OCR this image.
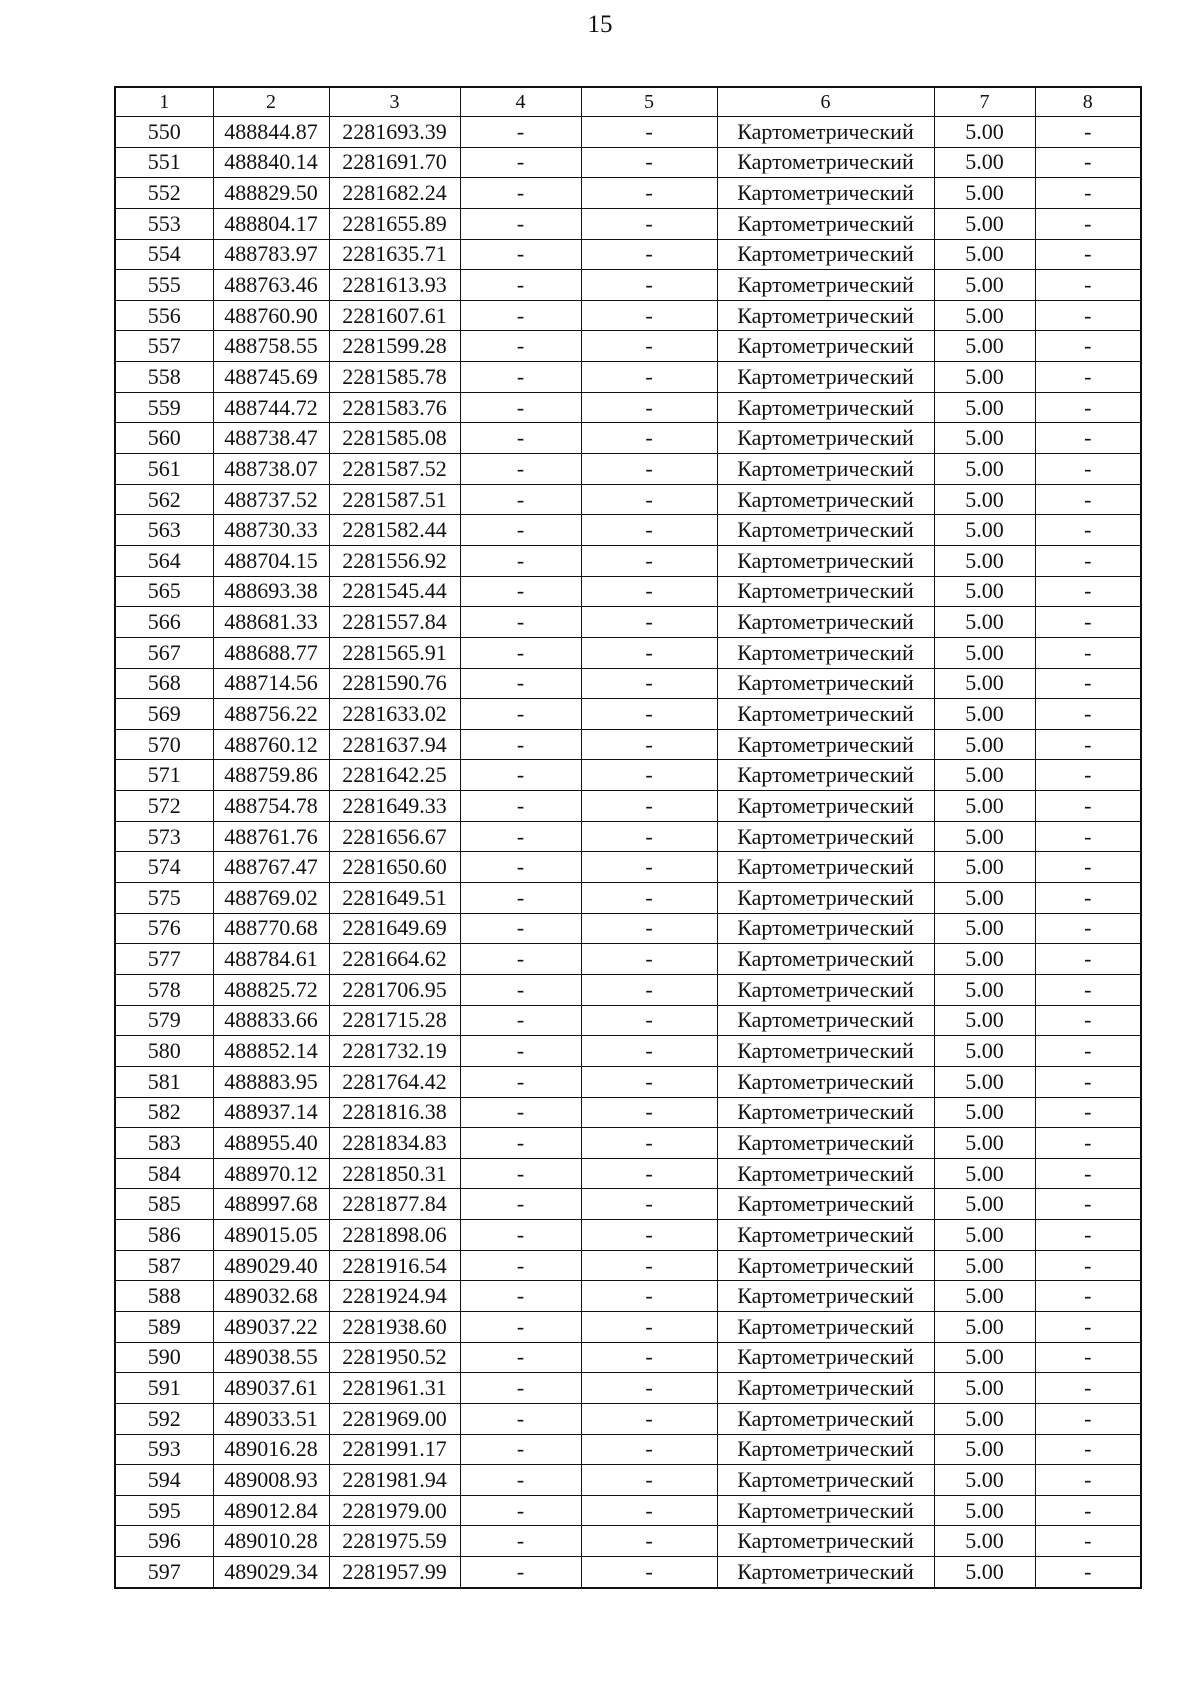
15
1	2	3	4	5	6	7	8
550	488844.87	2281693.39	-	-	Картометрический	5.00	-
551	488840.14	2281691.70	-	-	Картометрический	5.00	-
552	488829.50	2281682.24	-	-	Картометрический	5.00	-
553	488804.17	2281655.89	-	-	Картометрический	5.00	-
554	488783.97	2281635.71	-	-	Картометрический	5.00	-
555	488763.46	2281613.93	-	-	Картометрический	5.00	-
556	488760.90	2281607.61	-	-	Картометрический	5.00	-
557	488758.55	2281599.28	-	-	Картометрический	5.00	-
558	488745.69	2281585.78	-	-	Картометрический	5.00	-
559	488744.72	2281583.76	-	-	Картометрический	5.00	-
560	488738.47	2281585.08	-	-	Картометрический	5.00	-
561	488738.07	2281587.52	-	-	Картометрический	5.00	-
562	488737.52	2281587.51	-	-	Картометрический	5.00	-
563	488730.33	2281582.44	-	-	Картометрический	5.00	-
564	488704.15	2281556.92	-	-	Картометрический	5.00	-
565	488693.38	2281545.44	-	-	Картометрический	5.00	-
566	488681.33	2281557.84	-	-	Картометрический	5.00	-
567	488688.77	2281565.91	-	-	Картометрический	5.00	-
568	488714.56	2281590.76	-	-	Картометрический	5.00	-
569	488756.22	2281633.02	-	-	Картометрический	5.00	-
570	488760.12	2281637.94	-	-	Картометрический	5.00	-
571	488759.86	2281642.25	-	-	Картометрический	5.00	-
572	488754.78	2281649.33	-	-	Картометрический	5.00	-
573	488761.76	2281656.67	-	-	Картометрический	5.00	-
574	488767.47	2281650.60	-	-	Картометрический	5.00	-
575	488769.02	2281649.51	-	-	Картометрический	5.00	-
576	488770.68	2281649.69	-	-	Картометрический	5.00	-
577	488784.61	2281664.62	-	-	Картометрический	5.00	-
578	488825.72	2281706.95	-	-	Картометрический	5.00	-
579	488833.66	2281715.28	-	-	Картометрический	5.00	-
580	488852.14	2281732.19	-	-	Картометрический	5.00	-
581	488883.95	2281764.42	-	-	Картометрический	5.00	-
582	488937.14	2281816.38	-	-	Картометрический	5.00	-
583	488955.40	2281834.83	-	-	Картометрический	5.00	-
584	488970.12	2281850.31	-	-	Картометрический	5.00	-
585	488997.68	2281877.84	-	-	Картометрический	5.00	-
586	489015.05	2281898.06	-	-	Картометрический	5.00	-
587	489029.40	2281916.54	-	-	Картометрический	5.00	-
588	489032.68	2281924.94	-	-	Картометрический	5.00	-
589	489037.22	2281938.60	-	-	Картометрический	5.00	-
590	489038.55	2281950.52	-	-	Картометрический	5.00	-
591	489037.61	2281961.31	-	-	Картометрический	5.00	-
592	489033.51	2281969.00	-	-	Картометрический	5.00	-
593	489016.28	2281991.17	-	-	Картометрический	5.00	-
594	489008.93	2281981.94	-	-	Картометрический	5.00	-
595	489012.84	2281979.00	-	-	Картометрический	5.00	-
596	489010.28	2281975.59	-	-	Картометрический	5.00	-
597	489029.34	2281957.99	-	-	Картометрический	5.00	-
